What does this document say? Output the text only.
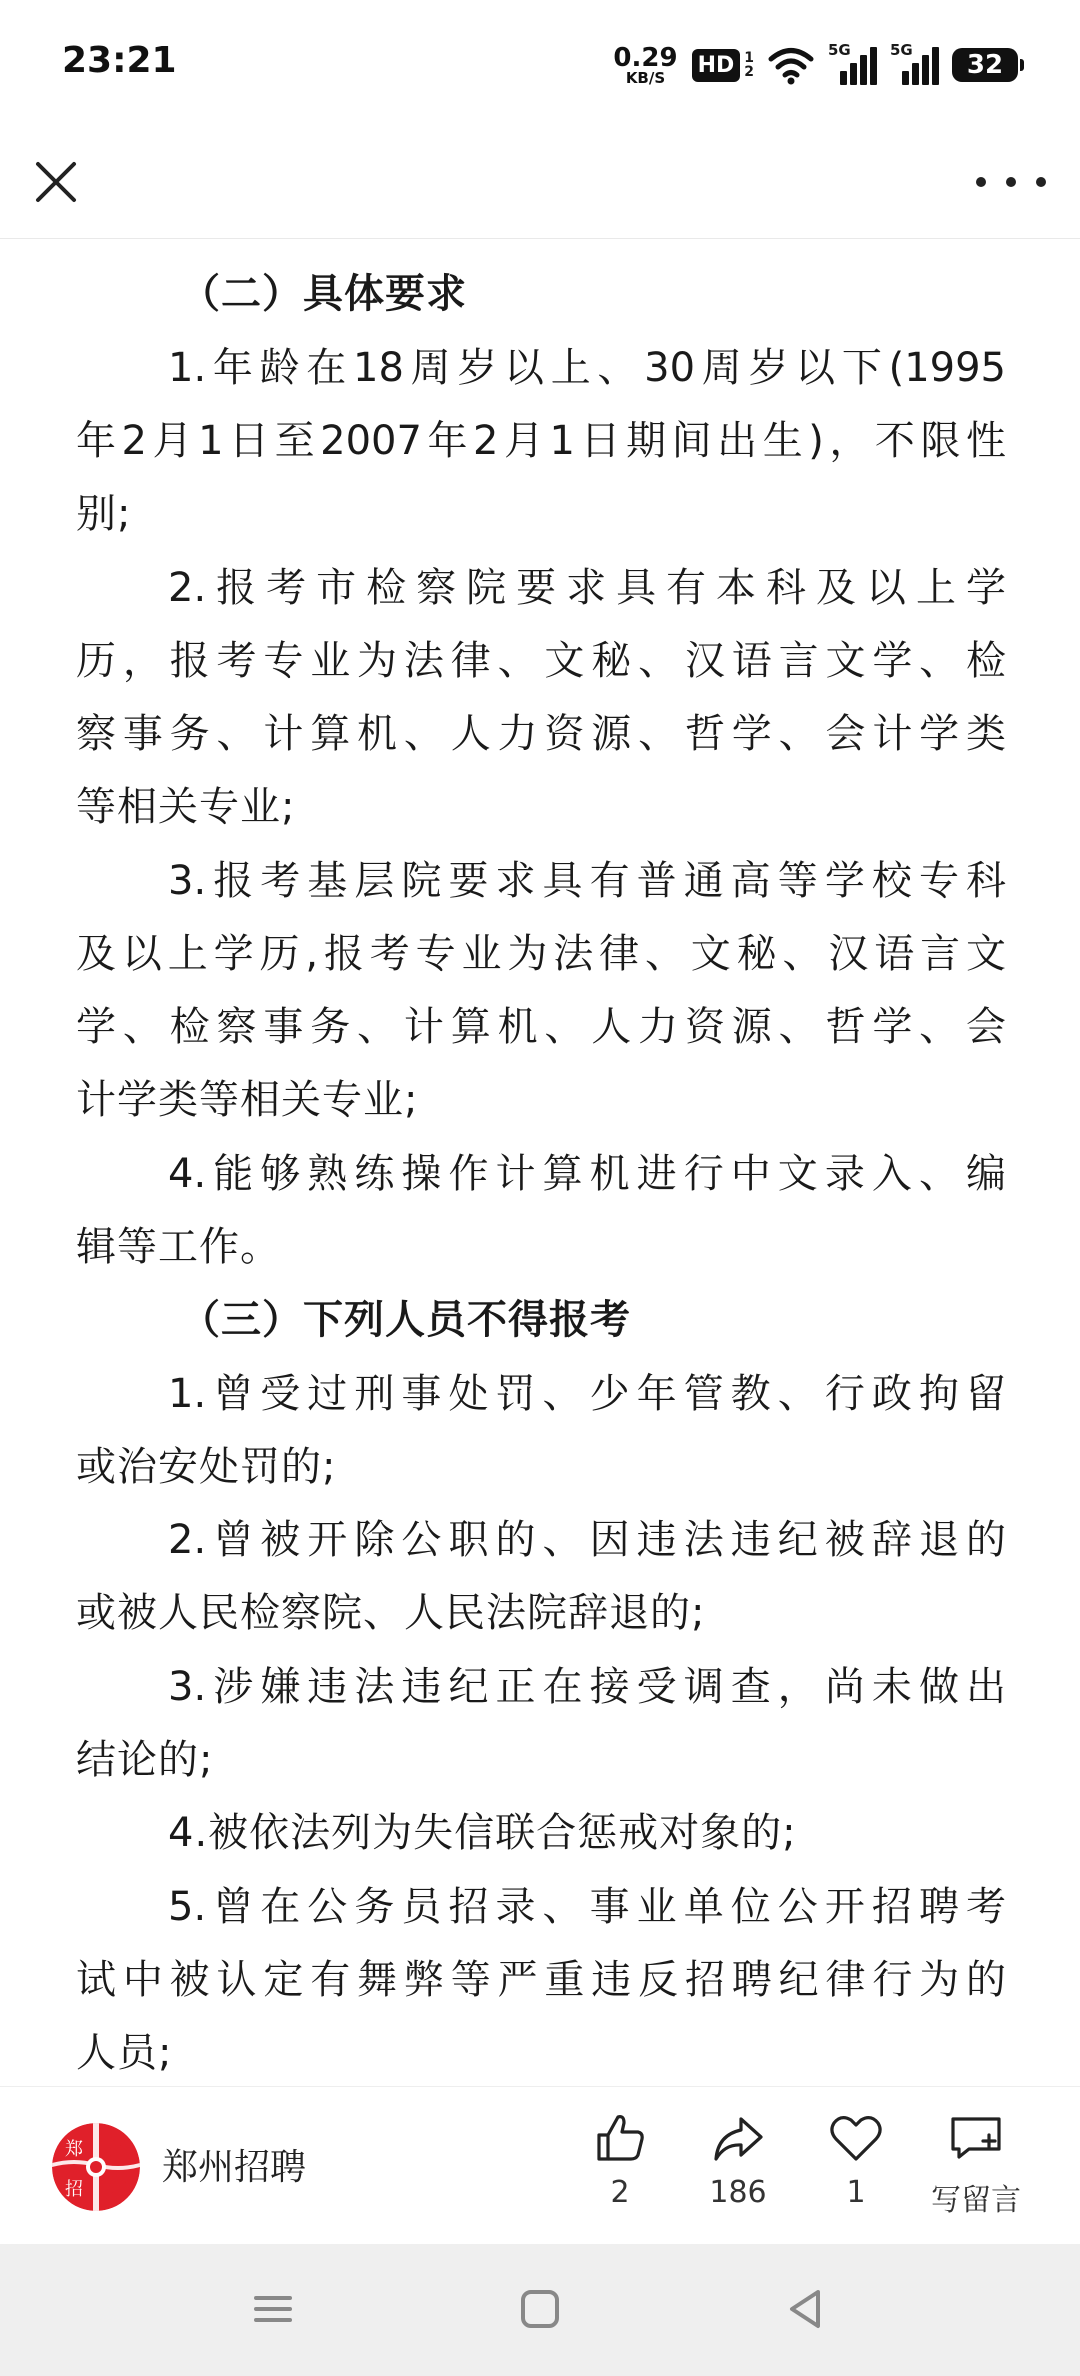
23:21	0.29
KB/S HD 1
2
5G	5G 32
（二）具体要求
1.年龄在18周岁以上、30周岁以下(1995
年2月1日至2007年2月1日期间出生)，不限性
别;
2.报考市检察院要求具有本科及以上学
历，报考专业为法律、文秘、汉语言文学、检
察事务、计算机、人力资源、哲学、会计学类
等相关专业;
3.报考基层院要求具有普通高等学校专科
及以上学历,报考专业为法律、文秘、汉语言文
学、检察事务、计算机、人力资源、哲学、会
计学类等相关专业;
4.能够熟练操作计算机进行中文录入、编
辑等工作。
（三）下列人员不得报考
1.曾受过刑事处罚、少年管教、行政拘留
或治安处罚的;
2.曾被开除公职的、因违法违纪被辞退的
或被人民检察院、人民法院辞退的;
3.涉嫌违法违纪正在接受调查，尚未做出
结论的;
4.被依法列为失信联合惩戒对象的;
5.曾在公务员招录、事业单位公开招聘考
试中被认定有舞弊等严重违反招聘纪律行为的
人员;
郑 州
招 聘
郑州招聘
2	186	1 写留言
